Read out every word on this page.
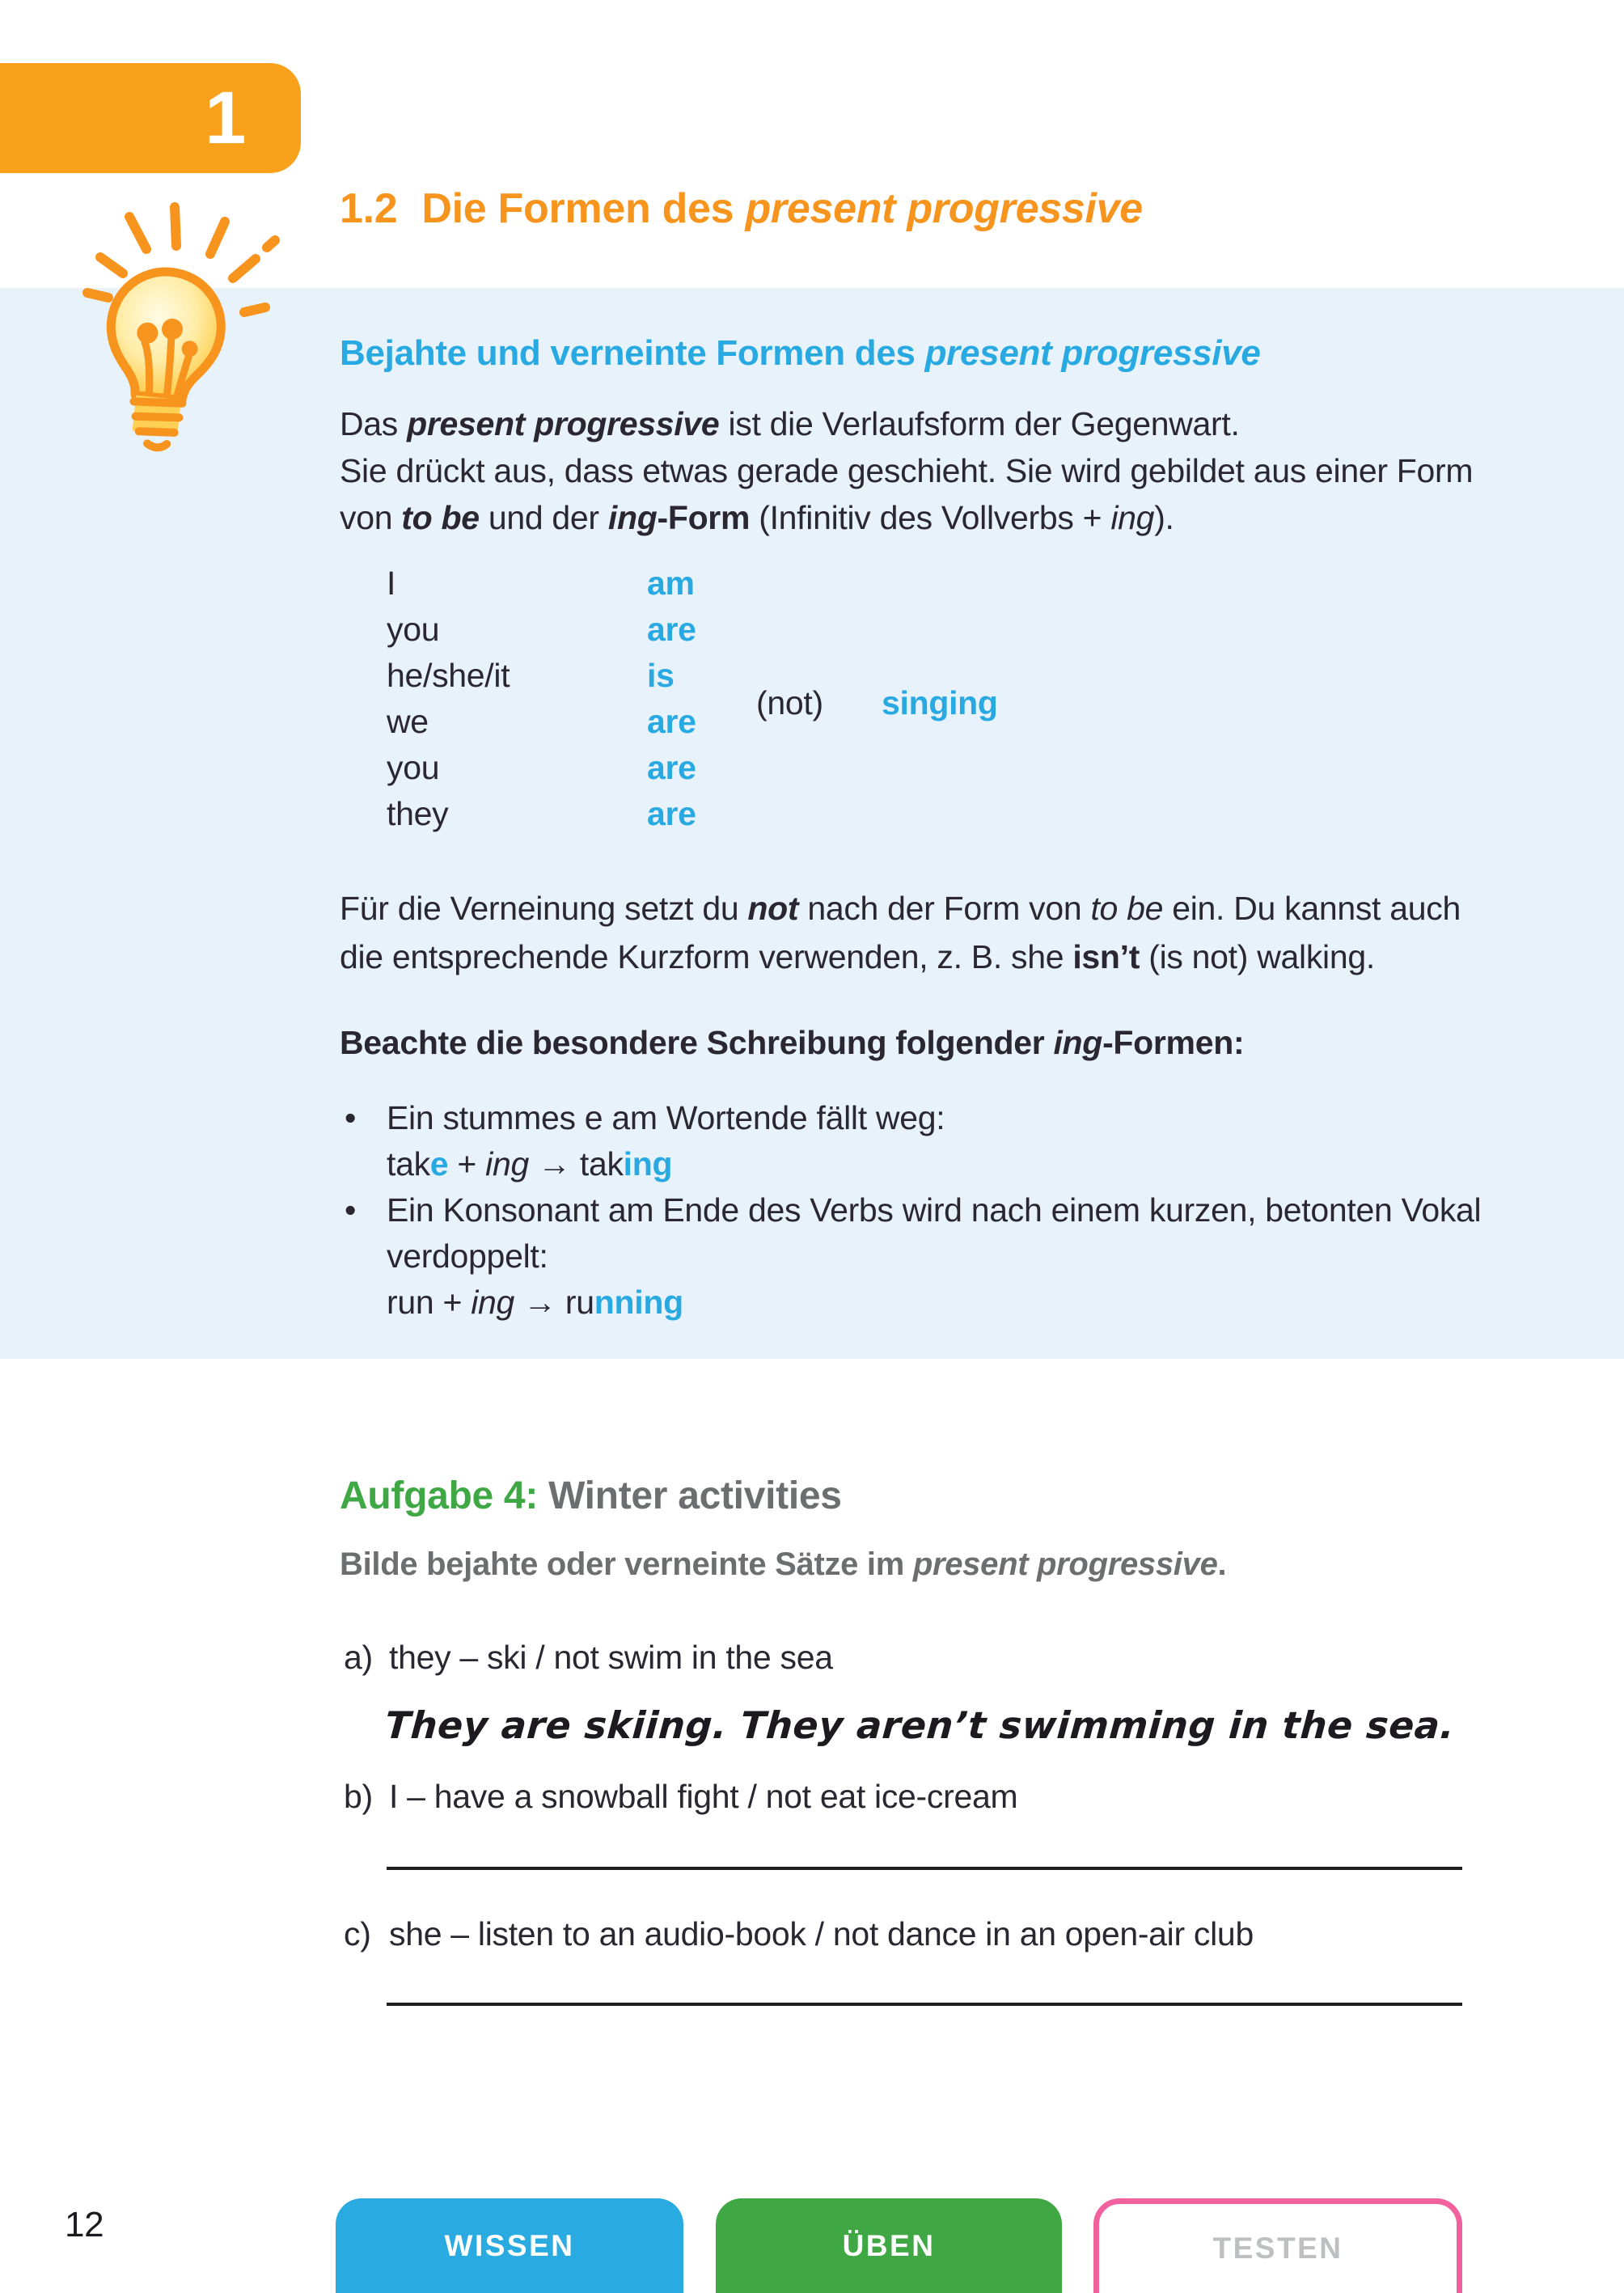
1
1.2 Die Formen des present progressive
Bejahte und verneinte Formen des present progressive
Das present progressive ist die Verlaufsform der Gegenwart.
Sie drückt aus, dass etwas gerade geschieht. Sie wird gebildet aus einer Form
von to be und der ing-Form (Infinitiv des Vollverbs + ing).
I	am
you	are
he/she/it	is
we	are
you	are
they	are
(not) singing
Für die Verneinung setzt du not nach der Form von to be ein. Du kannst auch
die entsprechende Kurzform verwenden, z. B. she isn’t (is not) walking.
Beachte die besondere Schreibung folgender ing-Formen:
• Ein stummes e am Wortende fällt weg:
take + ing → taking
• Ein Konsonant am Ende des Verbs wird nach einem kurzen, betonten Vokal
verdoppelt:
run + ing → running
Aufgabe 4: Winter activities
Bilde bejahte oder verneinte Sätze im present progressive.
a) they – ski / not swim in the sea
They are skiing. They aren’t swimming in the sea.
b) I – have a snowball fight / not eat ice-cream
c) she – listen to an audio-book / not dance in an open-air club
12
WISSEN	ÜBEN	TESTEN
